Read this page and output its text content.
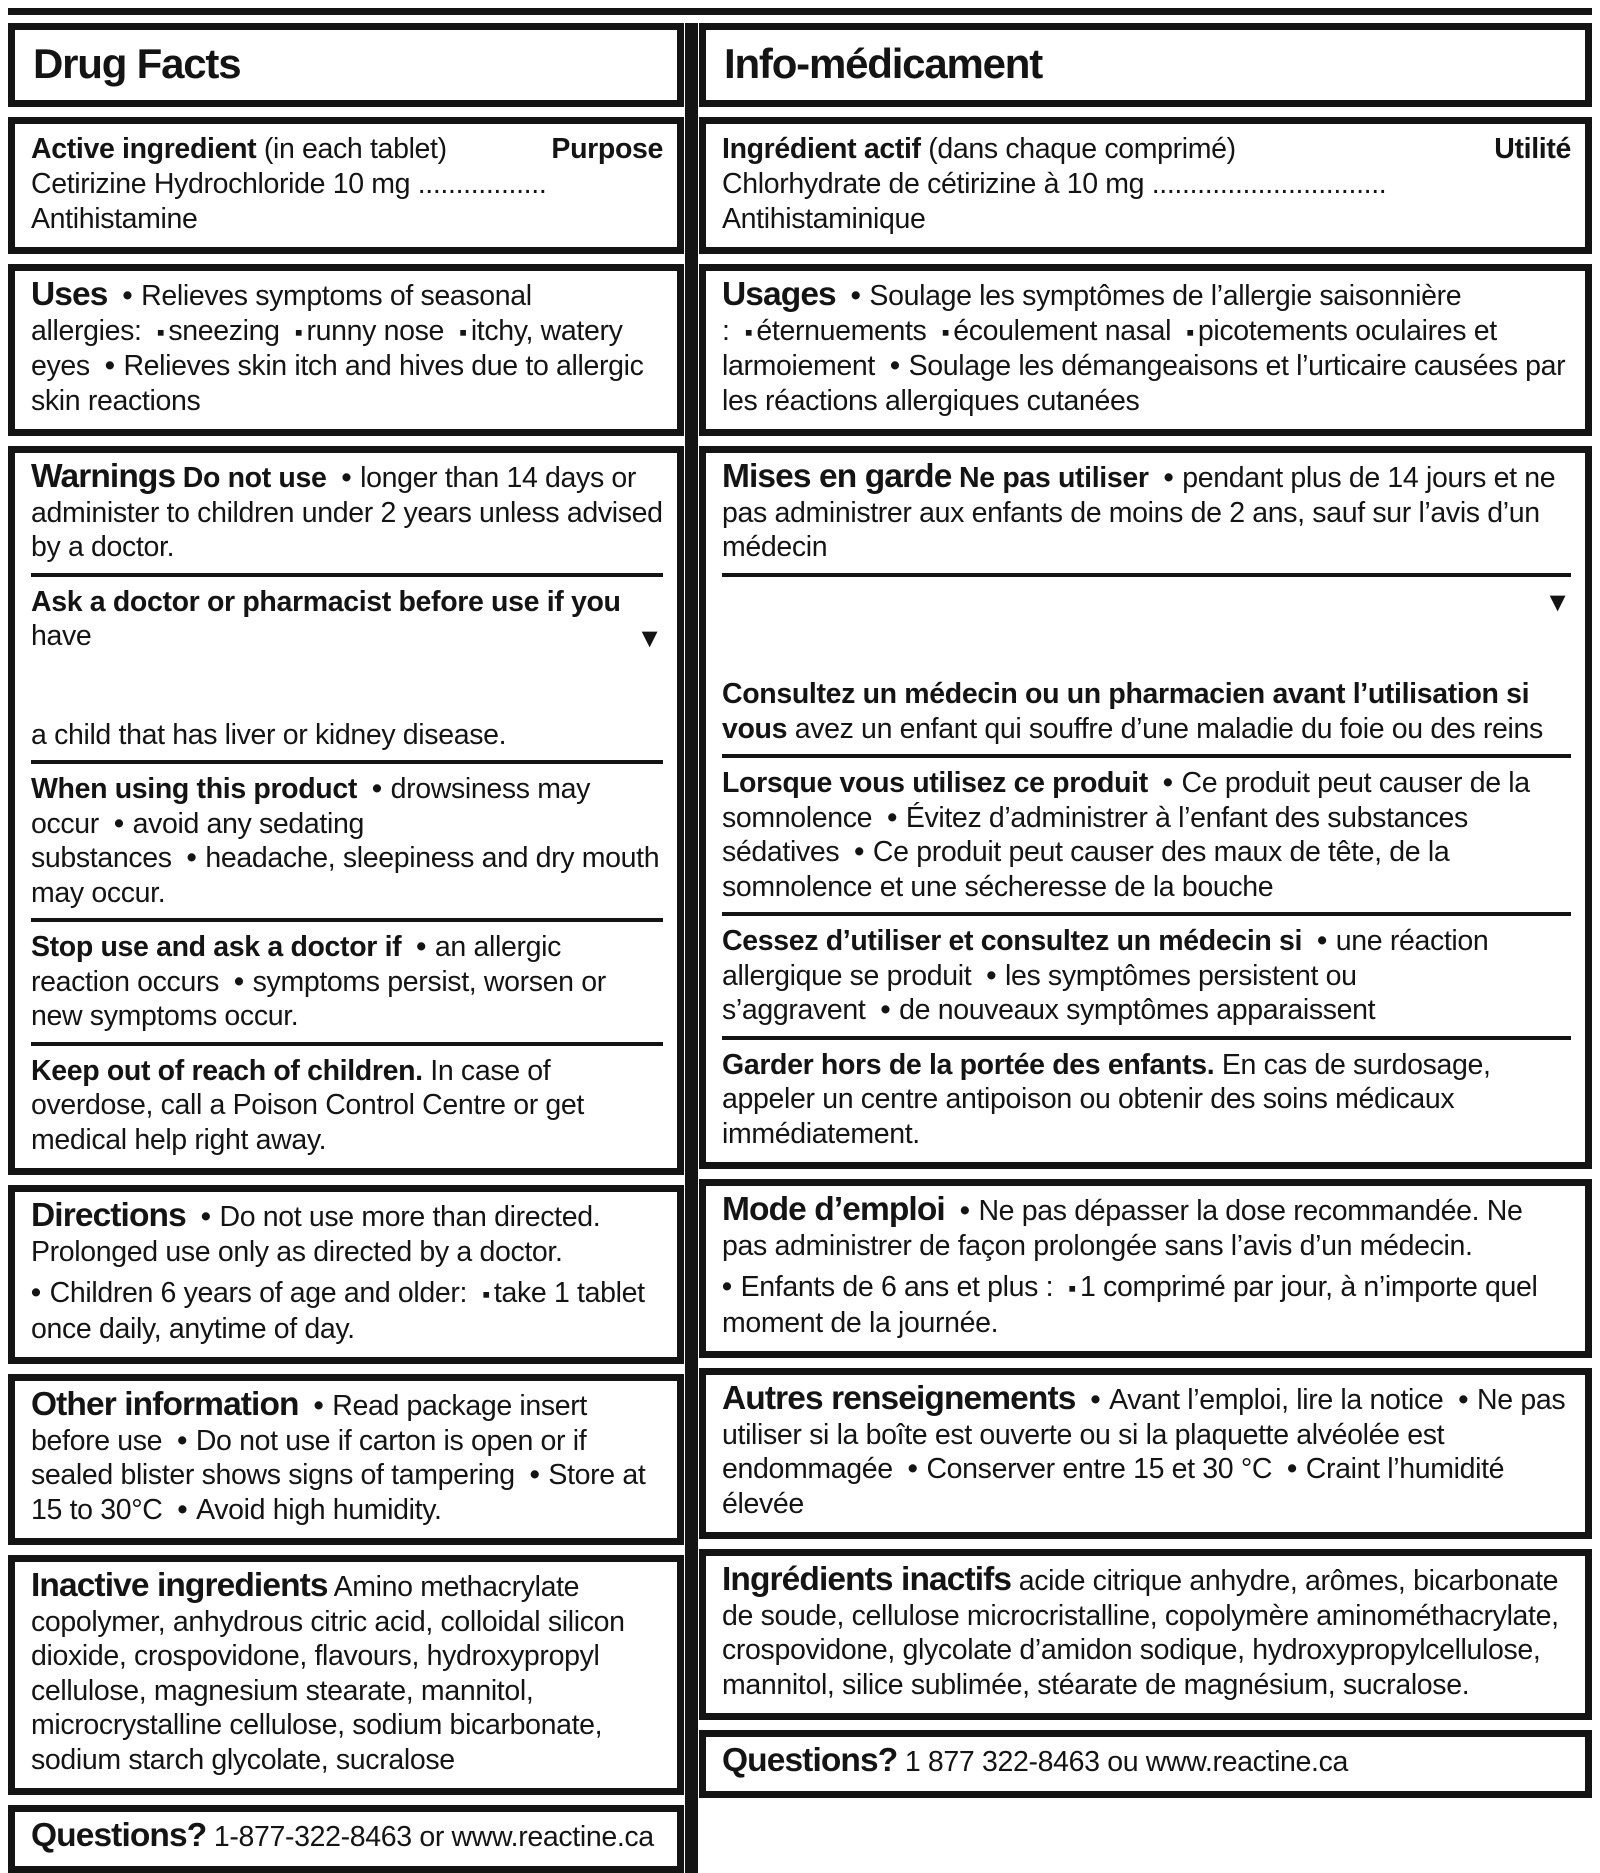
Drug Facts
Active ingredient (in each tablet)	Purpose
Cetirizine Hydrochloride 10 mg ................. Antihistamine
Uses • Relieves symptoms of seasonal allergies: ▪ sneezing ▪ runny nose ▪ itchy, watery eyes • Relieves skin itch and hives due to allergic skin reactions
Warnings Do not use • longer than 14 days or administer to children under 2 years unless advised by a doctor.
Ask a doctor or pharmacist before use if you have	▼
a child that has liver or kidney disease.
When using this product • drowsiness may occur • avoid any sedating substances • headache, sleepiness and dry mouth may occur.
Stop use and ask a doctor if • an allergic reaction occurs • symptoms persist, worsen or new symptoms occur.
Keep out of reach of children. In case of overdose, call a Poison Control Centre or get medical help right away.
Directions • Do not use more than directed. Prolonged use only as directed by a doctor.
• Children 6 years of age and older: ▪ take 1 tablet once daily, anytime of day.
Other information • Read package insert before use • Do not use if carton is open or if sealed blister shows signs of tampering • Store at 15 to 30°C • Avoid high humidity.
Inactive ingredients Amino methacrylate copolymer, anhydrous citric acid, colloidal silicon dioxide, crospovidone, flavours, hydroxypropyl cellulose, magnesium stearate, mannitol, microcrystalline cellulose, sodium bicarbonate, sodium starch glycolate, sucralose
Questions? 1-877-322-8463 or www.reactine.ca
Info-médicament
Ingrédient actif (dans chaque comprimé)	Utilité
Chlorhydrate de cétirizine à 10 mg ............................... Antihistaminique
Usages • Soulage les symptômes de l’allergie saisonnière : ▪ éternuements ▪ écoulement nasal ▪ picotements oculaires et larmoiement • Soulage les démangeaisons et l’urticaire causées par les réactions allergiques cutanées
Mises en garde Ne pas utiliser • pendant plus de 14 jours et ne pas administrer aux enfants de moins de 2 ans, sauf sur l’avis d’un médecin
▼
Consultez un médecin ou un pharmacien avant l’utilisation si vous avez un enfant qui souffre d’une maladie du foie ou des reins
Lorsque vous utilisez ce produit • Ce produit peut causer de la somnolence • Évitez d’administrer à l’enfant des substances sédatives • Ce produit peut causer des maux de tête, de la somnolence et une sécheresse de la bouche
Cessez d’utiliser et consultez un médecin si • une réaction allergique se produit • les symptômes persistent ou s’aggravent • de nouveaux symptômes apparaissent
Garder hors de la portée des enfants. En cas de surdosage, appeler un centre antipoison ou obtenir des soins médicaux immédiatement.
Mode d’emploi • Ne pas dépasser la dose recommandée. Ne pas administrer de façon prolongée sans l’avis d’un médecin.
• Enfants de 6 ans et plus : ▪ 1 comprimé par jour, à n’importe quel moment de la journée.
Autres renseignements • Avant l’emploi, lire la notice • Ne pas utiliser si la boîte est ouverte ou si la plaquette alvéolée est endommagée • Conserver entre 15 et 30 °C • Craint l’humidité élevée
Ingrédients inactifs acide citrique anhydre, arômes, bicarbonate de soude, cellulose microcristalline, copolymère aminométhacrylate, crospovidone, glycolate d’amidon sodique, hydroxypropylcellulose, mannitol, silice sublimée, stéarate de magnésium, sucralose.
Questions? 1 877 322-8463 ou www.reactine.ca
